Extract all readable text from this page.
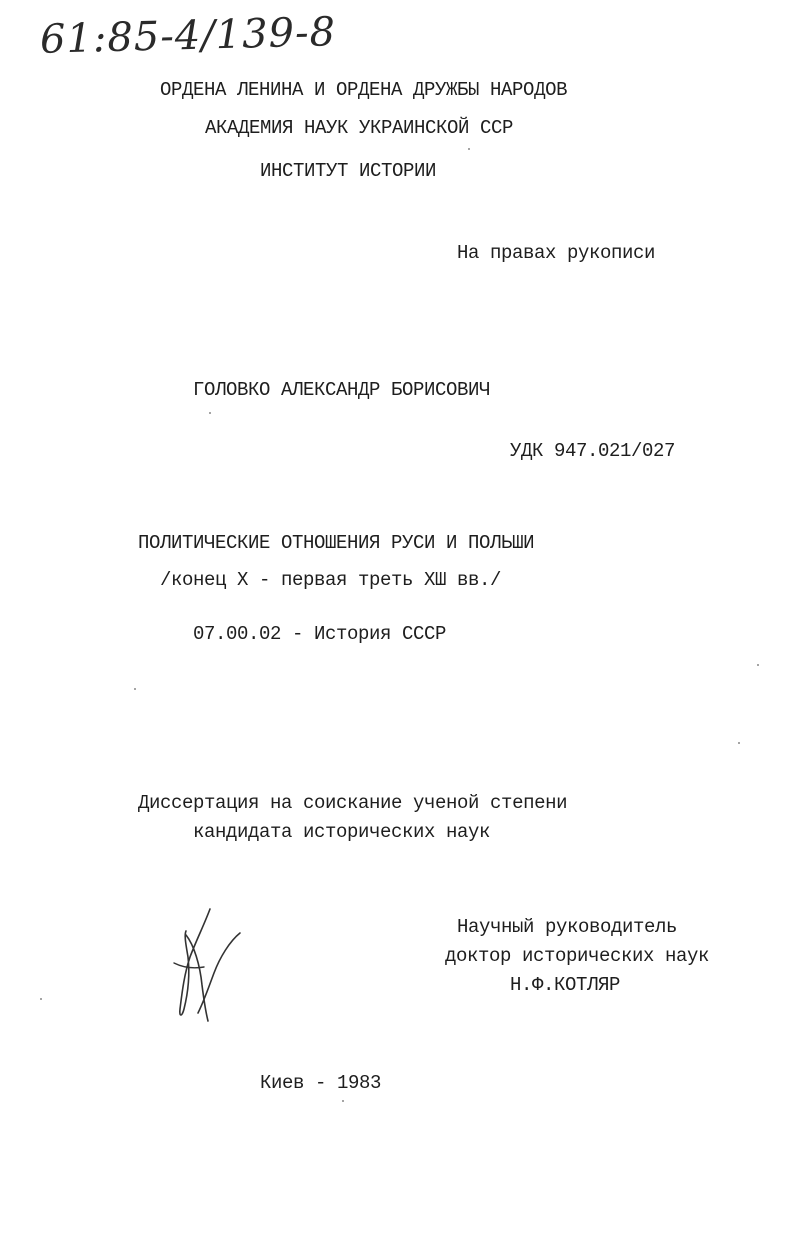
61:85-4/139-8
ОРДЕНА ЛЕНИНА И ОРДЕНА ДРУЖБЫ НАРОДОВ
АКАДЕМИЯ НАУК УКРАИНСКОЙ ССР
ИНСТИТУТ ИСТОРИИ
На правах рукописи
ГОЛОВКО АЛЕКСАНДР БОРИСОВИЧ
УДК 947.021/027
ПОЛИТИЧЕСКИЕ ОТНОШЕНИЯ РУСИ И ПОЛЬШИ
/конец X - первая треть XШ вв./
07.00.02 - История СССР
Диссертация на соискание ученой степени
кандидата исторических наук
Научный руководитель
доктор исторических наук
Н.Ф.КОТЛЯР
Киев - 1983
